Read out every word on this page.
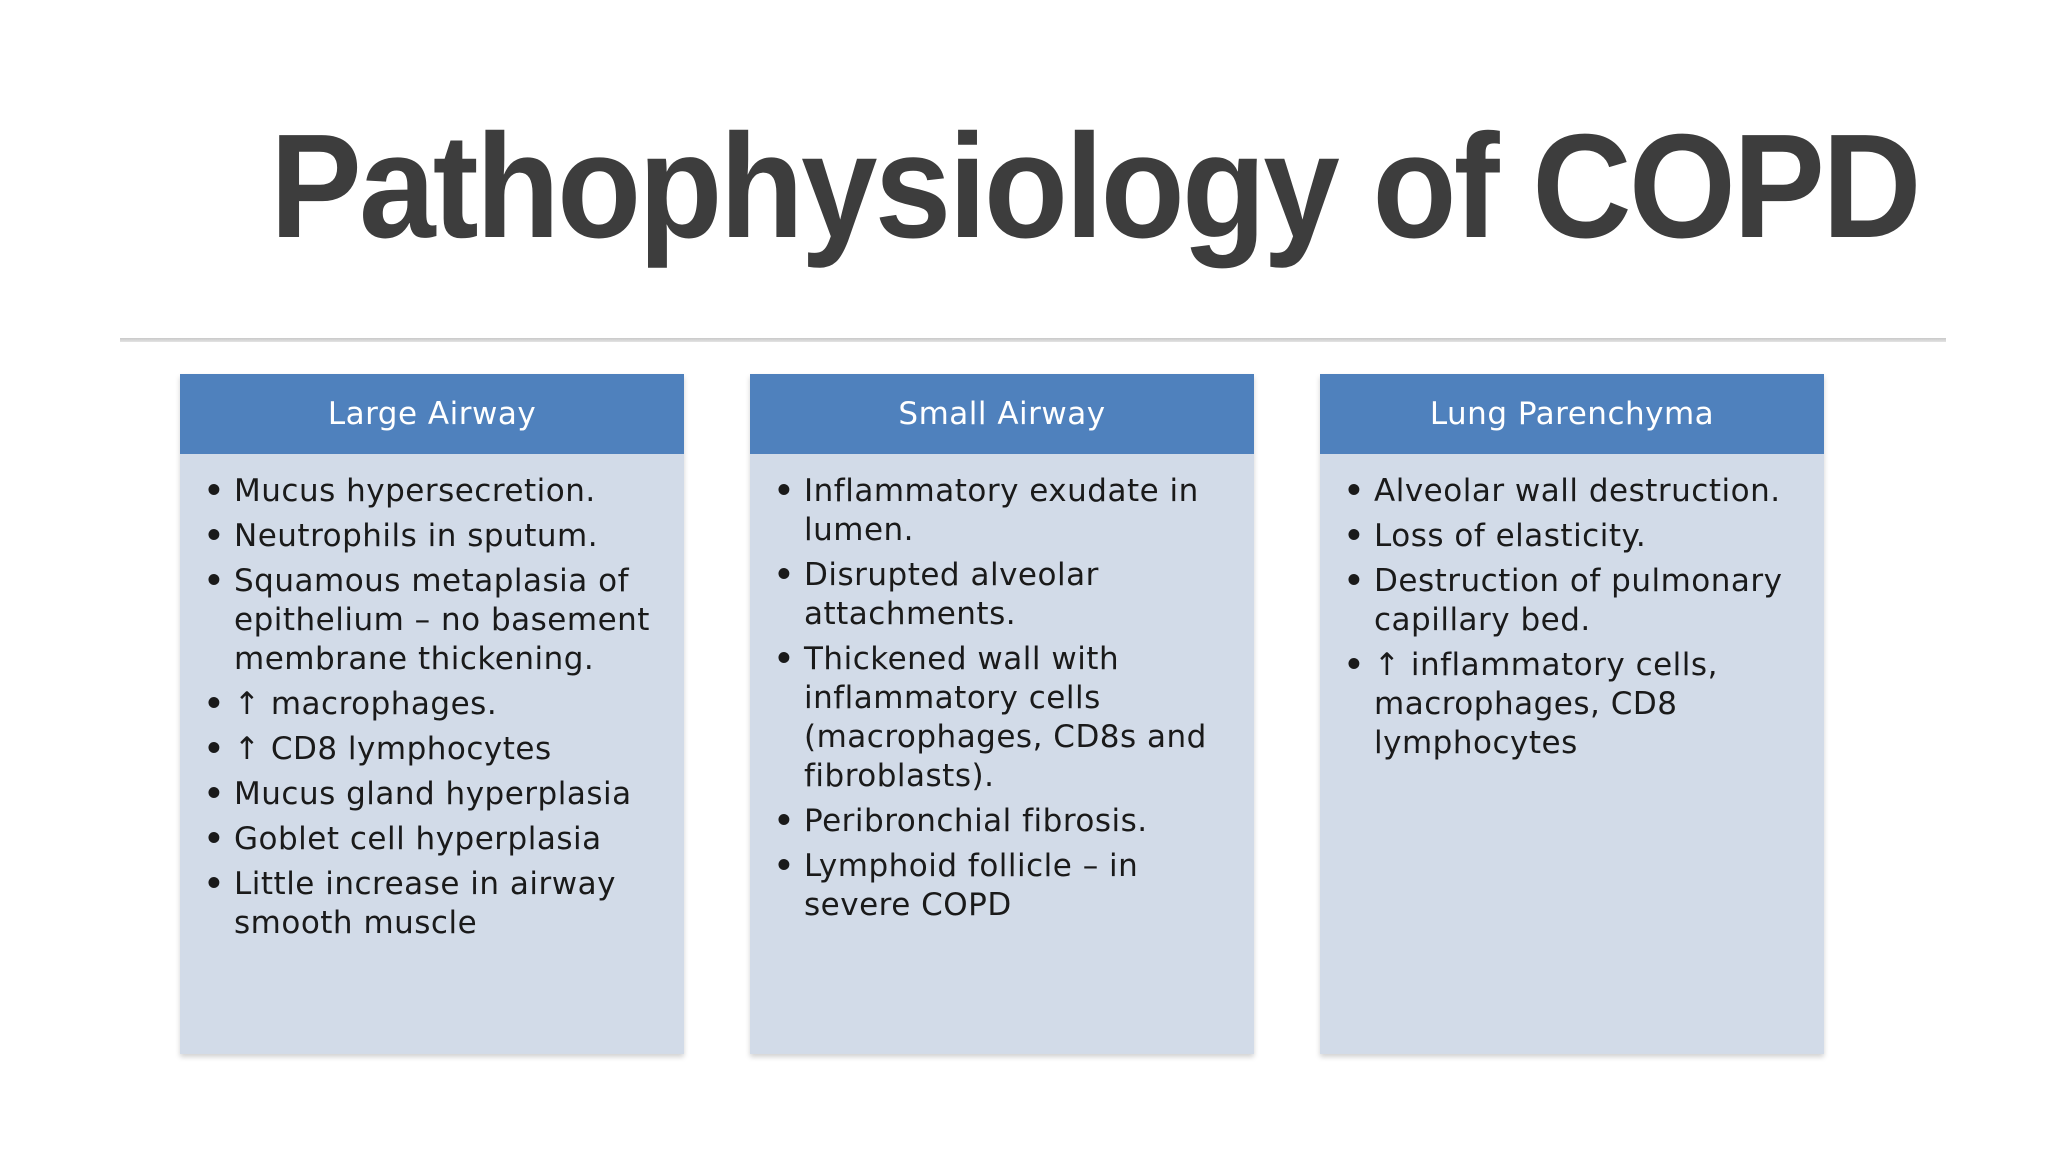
Pathophysiology of COPD
Large Airway
• Mucus hypersecretion.
• Neutrophils in sputum.
• Squamous metaplasia of epithelium – no basement membrane thickening.
• ↑ macrophages.
• ↑ CD8 lymphocytes
• Mucus gland hyperplasia
• Goblet cell hyperplasia
• Little increase in airway smooth muscle
Small Airway
• Inflammatory exudate in lumen.
• Disrupted alveolar attachments.
• Thickened wall with inflammatory cells (macrophages, CD8s and fibroblasts).
• Peribronchial fibrosis.
• Lymphoid follicle – in severe COPD
Lung Parenchyma
• Alveolar wall destruction.
• Loss of elasticity.
• Destruction of pulmonary capillary bed.
• ↑ inflammatory cells, macrophages, CD8 lymphocytes
